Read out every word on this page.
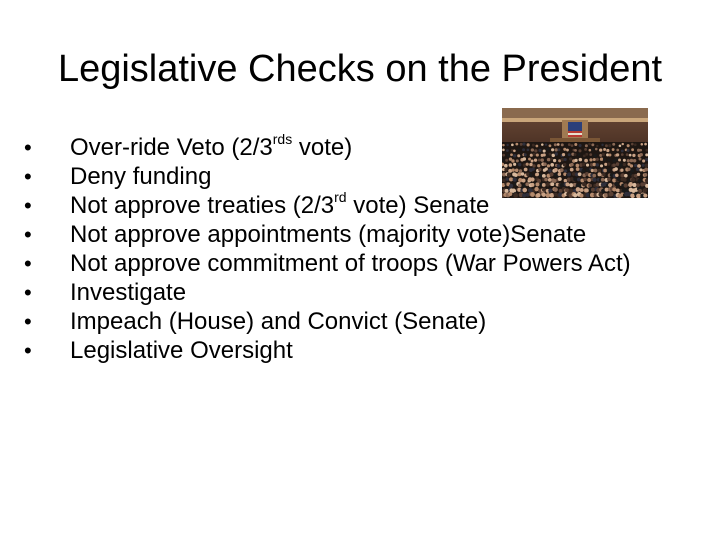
Legislative Checks on the President
•	Over-ride Veto ($2/3^{rds}$ vote)
•	Deny funding
•	Not approve treaties (2/3rd vote) Senate
•	Not approve appointments (majority vote)Senate
•	Not approve commitment of troops (War Powers Act)
•	Investigate
•	Impeach (House) and Convict (Senate)
•	Legislative Oversight
